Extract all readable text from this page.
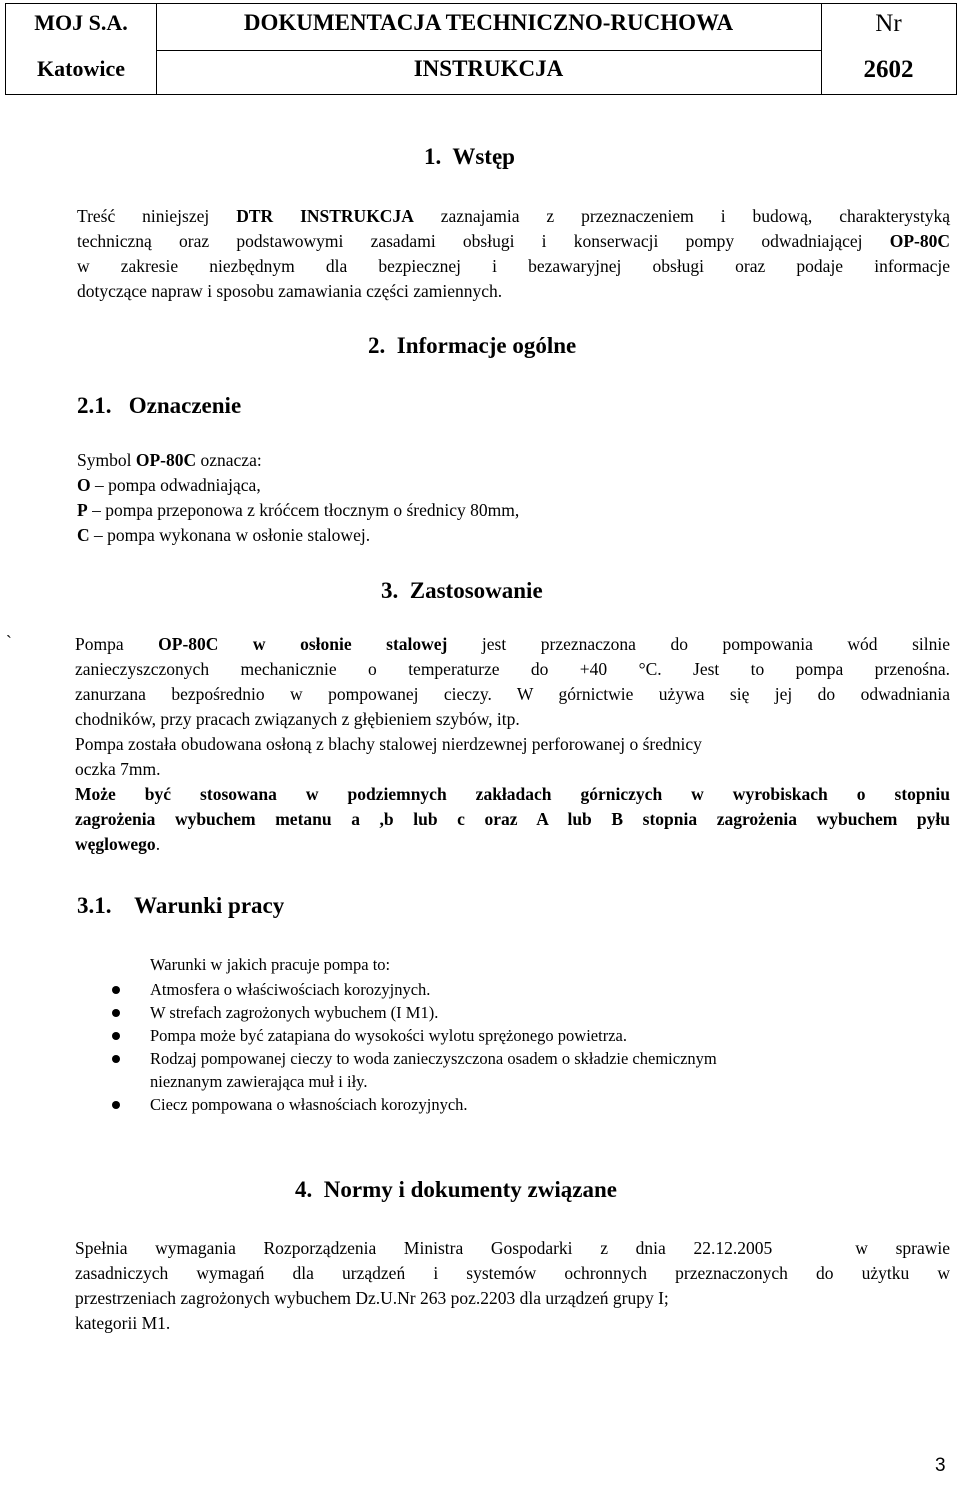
MOJ S.A.
Katowice
DOKUMENTACJA TECHNICZNO-RUCHOWA
INSTRUKCJA
Nr
2602
1.  Wstęp
Treść niniejszej DTR INSTRUKCJA zaznajamia z przeznaczeniem i budową, charakterystyką
techniczną oraz podstawowymi zasadami obsługi i konserwacji pompy odwadniającej OP-80C
w zakresie niezbędnym dla bezpiecznej i bezawaryjnej obsługi oraz podaje informacje
dotyczące napraw i sposobu zamawiania części zamiennych.
2.  Informacje ogólne
2.1.   Oznaczenie
Symbol OP-80C oznacza:
O – pompa odwadniająca,
P – pompa przeponowa z króćcem tłocznym o średnicy 80mm,
C – pompa wykonana w osłonie stalowej.
3.  Zastosowanie
`	Pompa OP-80C w osłonie stalowej jest przeznaczona do pompowania wód silnie
zanieczyszczonych mechanicznie o temperaturze do +40 °C. Jest to pompa przenośna.
zanurzana bezpośrednio w pompowanej cieczy. W górnictwie używa się jej do odwadniania
chodników, przy pracach związanych z głębieniem szybów, itp.
Pompa została obudowana osłoną z blachy stalowej nierdzewnej perforowanej o średnicy
oczka 7mm.
Może być stosowana w podziemnych zakładach górniczych w wyrobiskach o stopniu
zagrożenia wybuchem metanu a ,b lub c oraz A lub B stopnia zagrożenia wybuchem pyłu
węglowego.
3.1.    Warunki pracy
Warunki w jakich pracuje pompa to:
Atmosfera o właściwościach korozyjnych.
W strefach zagrożonych wybuchem (I M1).
Pompa może być zatapiana do wysokości wylotu sprężonego powietrza.
Rodzaj pompowanej cieczy to woda zanieczyszczona osadem o składzie chemicznym
nieznanym zawierająca muł i iły.
Ciecz pompowana o własnościach korozyjnych.
4.  Normy i dokumenty związane
Spełnia wymagania Rozporządzenia Ministra Gospodarki z dnia 22.12.2005   w sprawie
zasadniczych wymagań dla urządzeń i systemów ochronnych przeznaczonych do użytku w
przestrzeniach zagrożonych wybuchem Dz.U.Nr 263 poz.2203 dla urządzeń grupy I;
kategorii M1.
3
